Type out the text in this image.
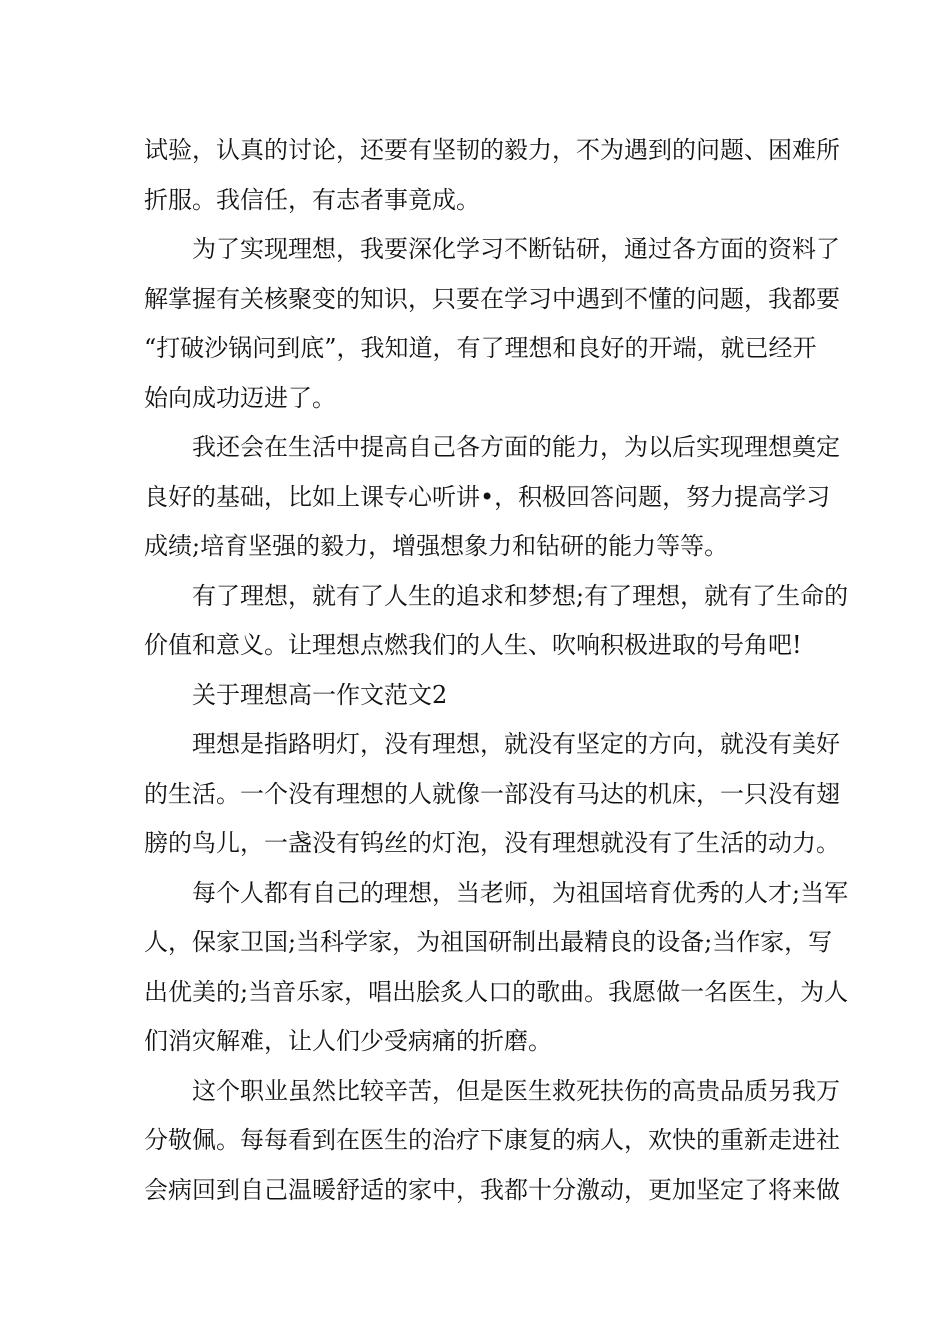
试验，认真的讨论，还要有坚韧的毅力，不为遇到的问题、困难所
折服。我信任，有志者事竟成。

为了实现理想，我要深化学习不断钻研，通过各方面的资料了
解掌握有关核聚变的知识，只要在学习中遇到不懂的问题，我都要
“打破沙锅问到底”，我知道，有了理想和良好的开端，就已经开
始向成功迈进了。

我还会在生活中提高自己各方面的能力，为以后实现理想奠定
良好的基础，比如上课专心听讲•，积极回答问题，努力提高学习
成绩;培育坚强的毅力，增强想象力和钻研的能力等等。

有了理想，就有了人生的追求和梦想;有了理想，就有了生命的
价值和意义。让理想点燃我们的人生、吹响积极进取的号角吧!

关于理想高一作文范文2

理想是指路明灯，没有理想，就没有坚定的方向，就没有美好
的生活。一个没有理想的人就像一部没有马达的机床，一只没有翅
膀的鸟儿，一盏没有钨丝的灯泡，没有理想就没有了生活的动力。

每个人都有自己的理想，当老师，为祖国培育优秀的人才;当军
人，保家卫国;当科学家，为祖国研制出最精良的设备;当作家，写
出优美的;当音乐家，唱出脍炙人口的歌曲。我愿做一名医生，为人
们消灾解难，让人们少受病痛的折磨。

这个职业虽然比较辛苦，但是医生救死扶伤的高贵品质另我万
分敬佩。每每看到在医生的治疗下康复的病人，欢快的重新走进社
会病回到自己温暖舒适的家中，我都十分激动，更加坚定了将来做
